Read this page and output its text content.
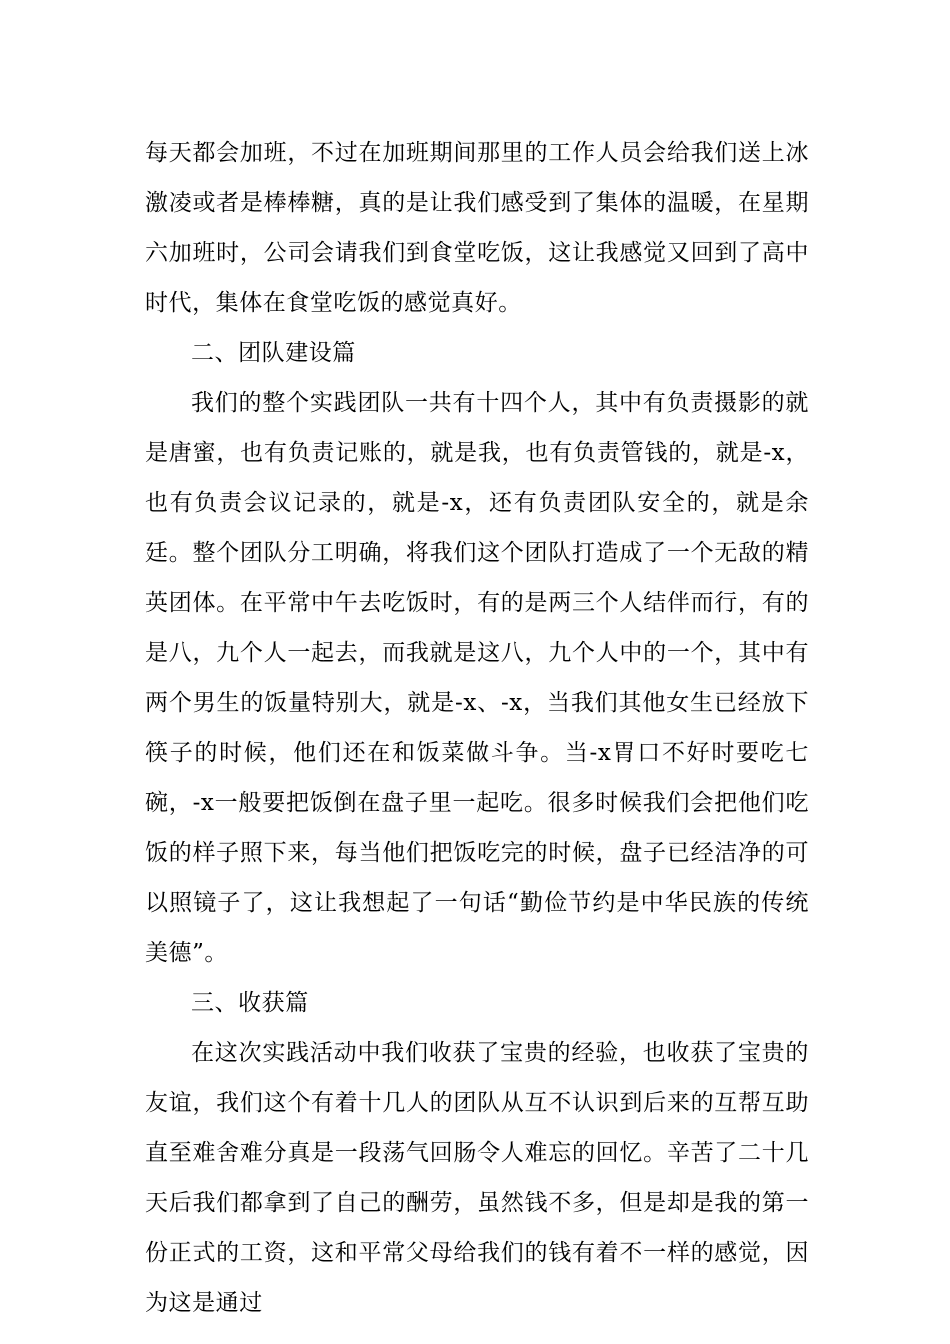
每天都会加班，不过在加班期间那里的工作人员会给我们送上冰激凌或者是棒棒糖，真的是让我们感受到了集体的温暖，在星期六加班时，公司会请我们到食堂吃饭，这让我感觉又回到了高中时代，集体在食堂吃饭的感觉真好。

二、团队建设篇

我们的整个实践团队一共有十四个人，其中有负责摄影的就是唐蜜，也有负责记账的，就是我，也有负责管钱的，就是-x，也有负责会议记录的，就是-x，还有负责团队安全的，就是余廷。整个团队分工明确，将我们这个团队打造成了一个无敌的精英团体。在平常中午去吃饭时，有的是两三个人结伴而行，有的是八，九个人一起去，而我就是这八，九个人中的一个，其中有两个男生的饭量特别大，就是-x、-x，当我们其他女生已经放下筷子的时候，他们还在和饭菜做斗争。当-x胃口不好时要吃七碗，-x一般要把饭倒在盘子里一起吃。很多时候我们会把他们吃饭的样子照下来，每当他们把饭吃完的时候，盘子已经洁净的可以照镜子了，这让我想起了一句话“勤俭节约是中华民族的传统美德”。

三、收获篇

在这次实践活动中我们收获了宝贵的经验，也收获了宝贵的友谊，我们这个有着十几人的团队从互不认识到后来的互帮互助直至难舍难分真是一段荡气回肠令人难忘的回忆。辛苦了二十几天后我们都拿到了自己的酬劳，虽然钱不多，但是却是我的第一份正式的工资，这和平常父母给我们的钱有着不一样的感觉，因为这是通过
